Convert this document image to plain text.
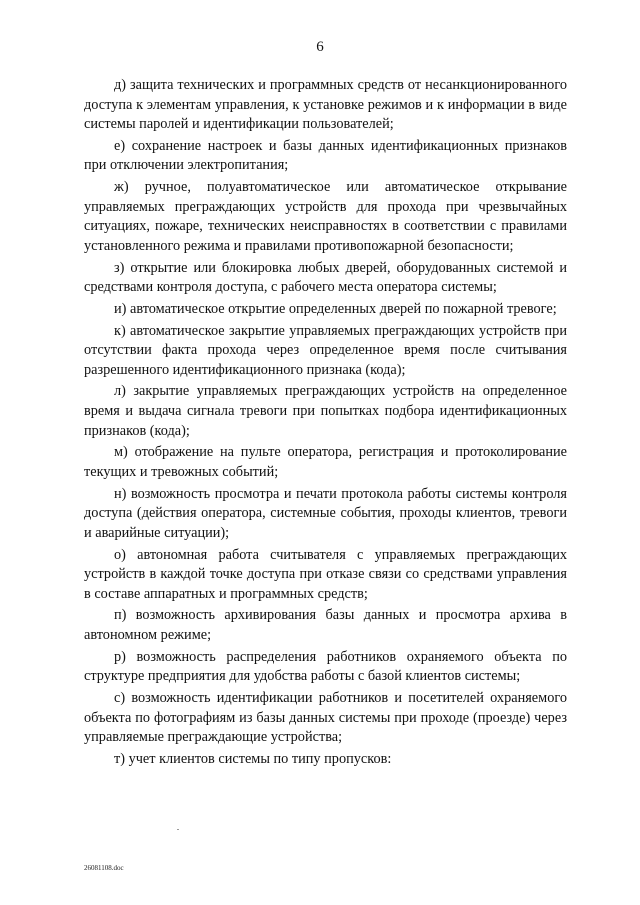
6

д) защита технических и программных средств от несанкционированного доступа к элементам управления, к установке режимов и к информации в виде системы паролей и идентификации пользователей;

е) сохранение настроек и базы данных идентификационных признаков при отключении электропитания;

ж) ручное, полуавтоматическое или автоматическое открывание управляемых преграждающих устройств для прохода при чрезвычайных ситуациях, пожаре, технических неисправностях в соответствии с правилами установленного режима и правилами противопожарной безопасности;

з) открытие или блокировка любых дверей, оборудованных системой и средствами контроля доступа, с рабочего места оператора системы;

и) автоматическое открытие определенных дверей по пожарной тревоге;

к) автоматическое закрытие управляемых преграждающих устройств при отсутствии факта прохода через определенное время после считывания разрешенного идентификационного признака (кода);

л) закрытие управляемых преграждающих устройств на определенное время и выдача сигнала тревоги при попытках подбора идентификационных признаков (кода);

м) отображение на пульте оператора, регистрация и протоколирование текущих и тревожных событий;

н) возможность просмотра и печати протокола работы системы контроля доступа (действия оператора, системные события, проходы клиентов, тревоги и аварийные ситуации);

о) автономная работа считывателя с управляемых преграждающих устройств в каждой точке доступа при отказе связи со средствами управления в составе аппаратных и программных средств;

п) возможность архивирования базы данных и просмотра архива в автономном режиме;

р) возможность распределения работников охраняемого объекта по структуре предприятия для удобства работы с базой клиентов системы;

с) возможность идентификации работников и посетителей охраняемого объекта по фотографиям из базы данных системы при проходе (проезде) через управляемые преграждающие устройства;

т) учет клиентов системы по типу пропусков:

26081108.doc
